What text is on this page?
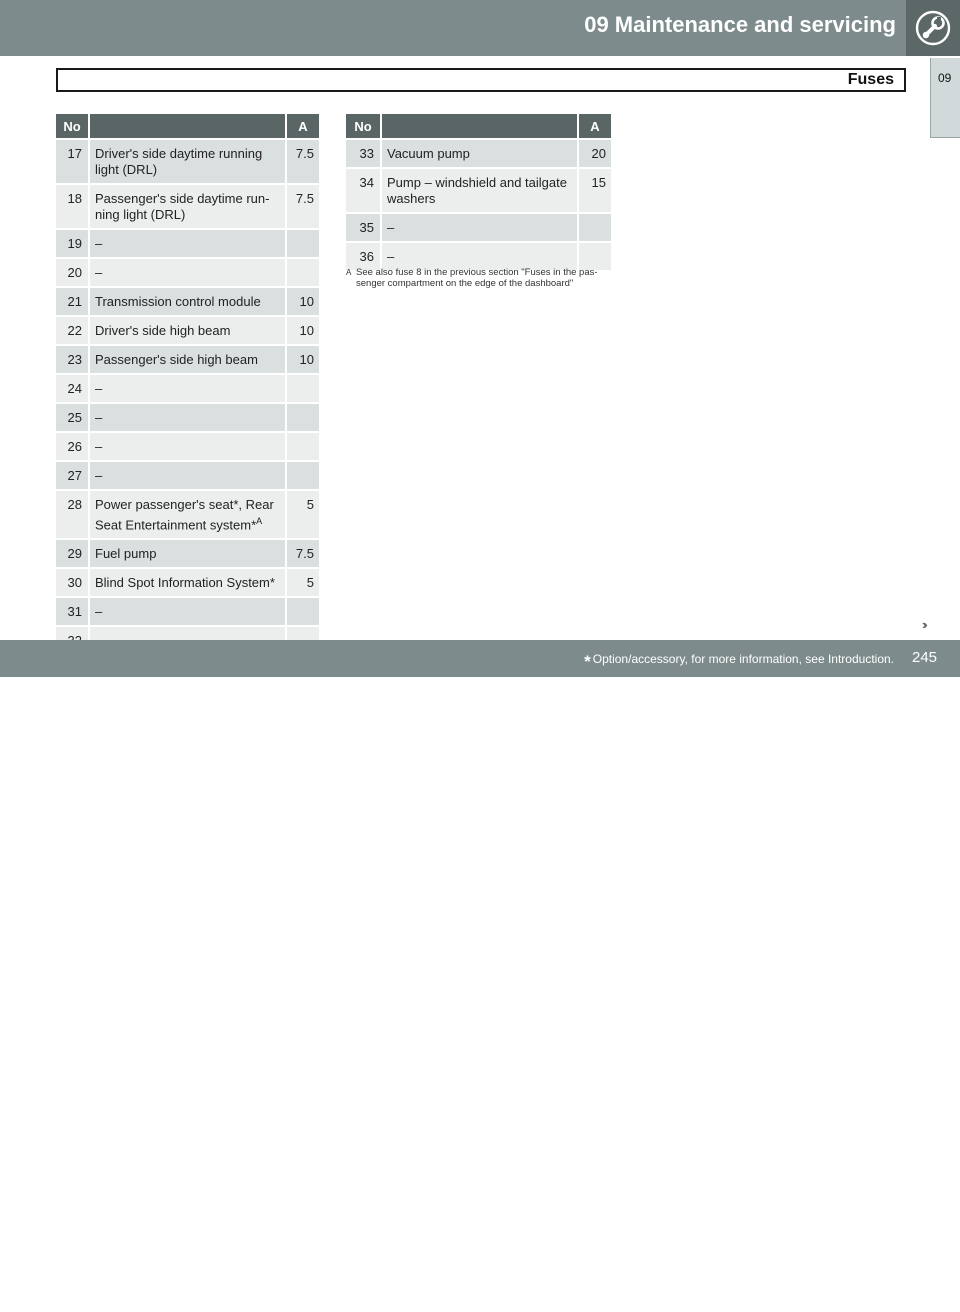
09 Maintenance and servicing
Fuses	09
No		A
17	Driver's side daytime running light (DRL)	7.5
18	Passenger's side daytime run-ning light (DRL)	7.5
19	–	
20	–	
21	Transmission control module	10
22	Driver's side high beam	10
23	Passenger's side high beam	10
24	–	
25	–	
26	–	
27	–	
28	Power passenger's seat*, Rear Seat Entertainment system*$^A$	5
29	Fuel pump	7.5
30	Blind Spot Information System*	5
31	–	

No		A
33	Vacuum pump	20
34	Pump – windshield and tailgate washers	15
35	–	
36	–	
A See also fuse 8 in the previous section "Fuses in the pas-senger compartment on the edge of the dashboard"
››
* Option/accessory, for more information, see Introduction. 245
carmanualsonline.info
